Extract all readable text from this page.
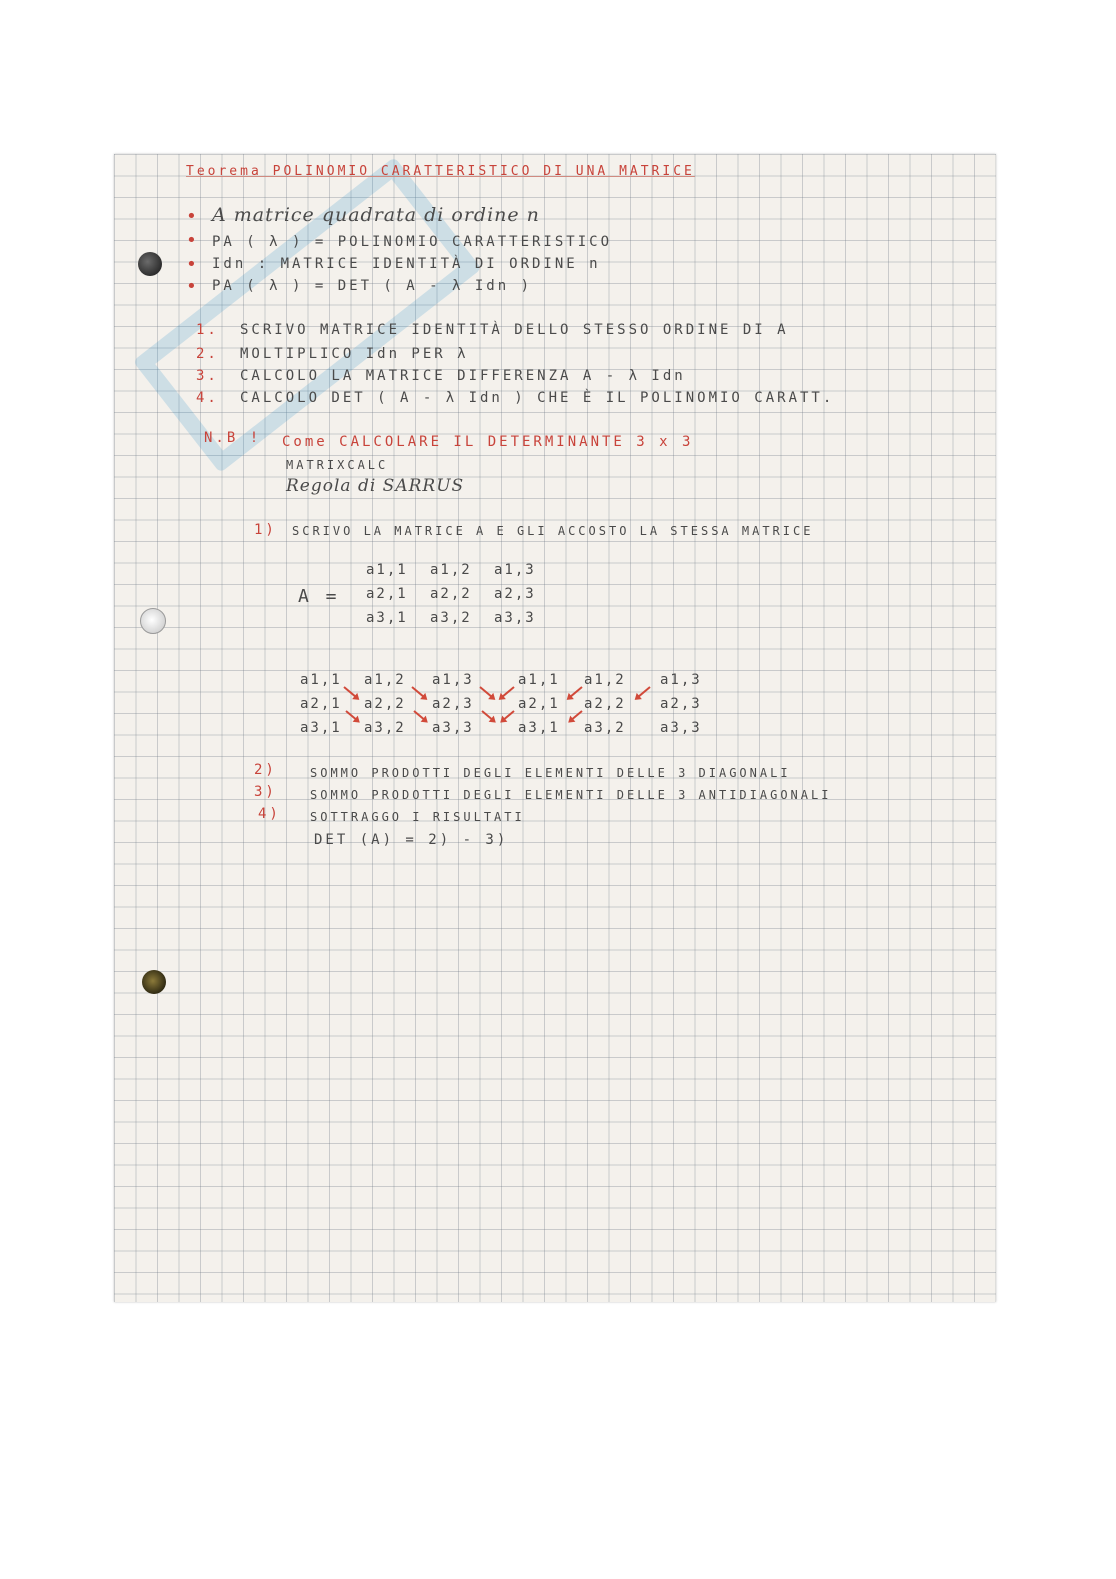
Teorema POLINOMIO CARATTERISTICO DI UNA MATRICE
• A matrice quadrata di ordine n
• PA ( λ ) = POLINOMIO CARATTERISTICO
• Idn : MATRICE IDENTITÀ DI ORDINE n
• PA ( λ ) = DET ( A - λ Idn )
1. SCRIVO MATRICE IDENTITÀ DELLO STESSO ORDINE DI A
2. MOLTIPLICO Idn PER λ
3. CALCOLO LA MATRICE DIFFERENZA A - λ Idn
4. CALCOLO DET ( A - λ Idn ) CHE È IL POLINOMIO CARATT.
N.B ! Come CALCOLARE IL DETERMINANTE 3 x 3
MATRIXCALC
Regola di SARRUS
1) SCRIVO LA MATRICE A E GLI ACCOSTO LA STESSA MATRICE
A =
a1,1 a1,2 a1,3
a2,1 a2,2 a2,3
a3,1 a3,2 a3,3
a1,1 a1,2 a1,3	a1,1 a1,2 a1,3
a2,1 a2,2 a2,3	a2,1 a2,2 a2,3
a3,1 a3,2 a3,3	a3,1 a3,2 a3,3
2)	SOMMO PRODOTTI DEGLI ELEMENTI DELLE 3 DIAGONALI
3)	SOMMO PRODOTTI DEGLI ELEMENTI DELLE 3 ANTIDIAGONALI
4) SOTTRAGGO I RISULTATI
DET (A) = 2) - 3)
